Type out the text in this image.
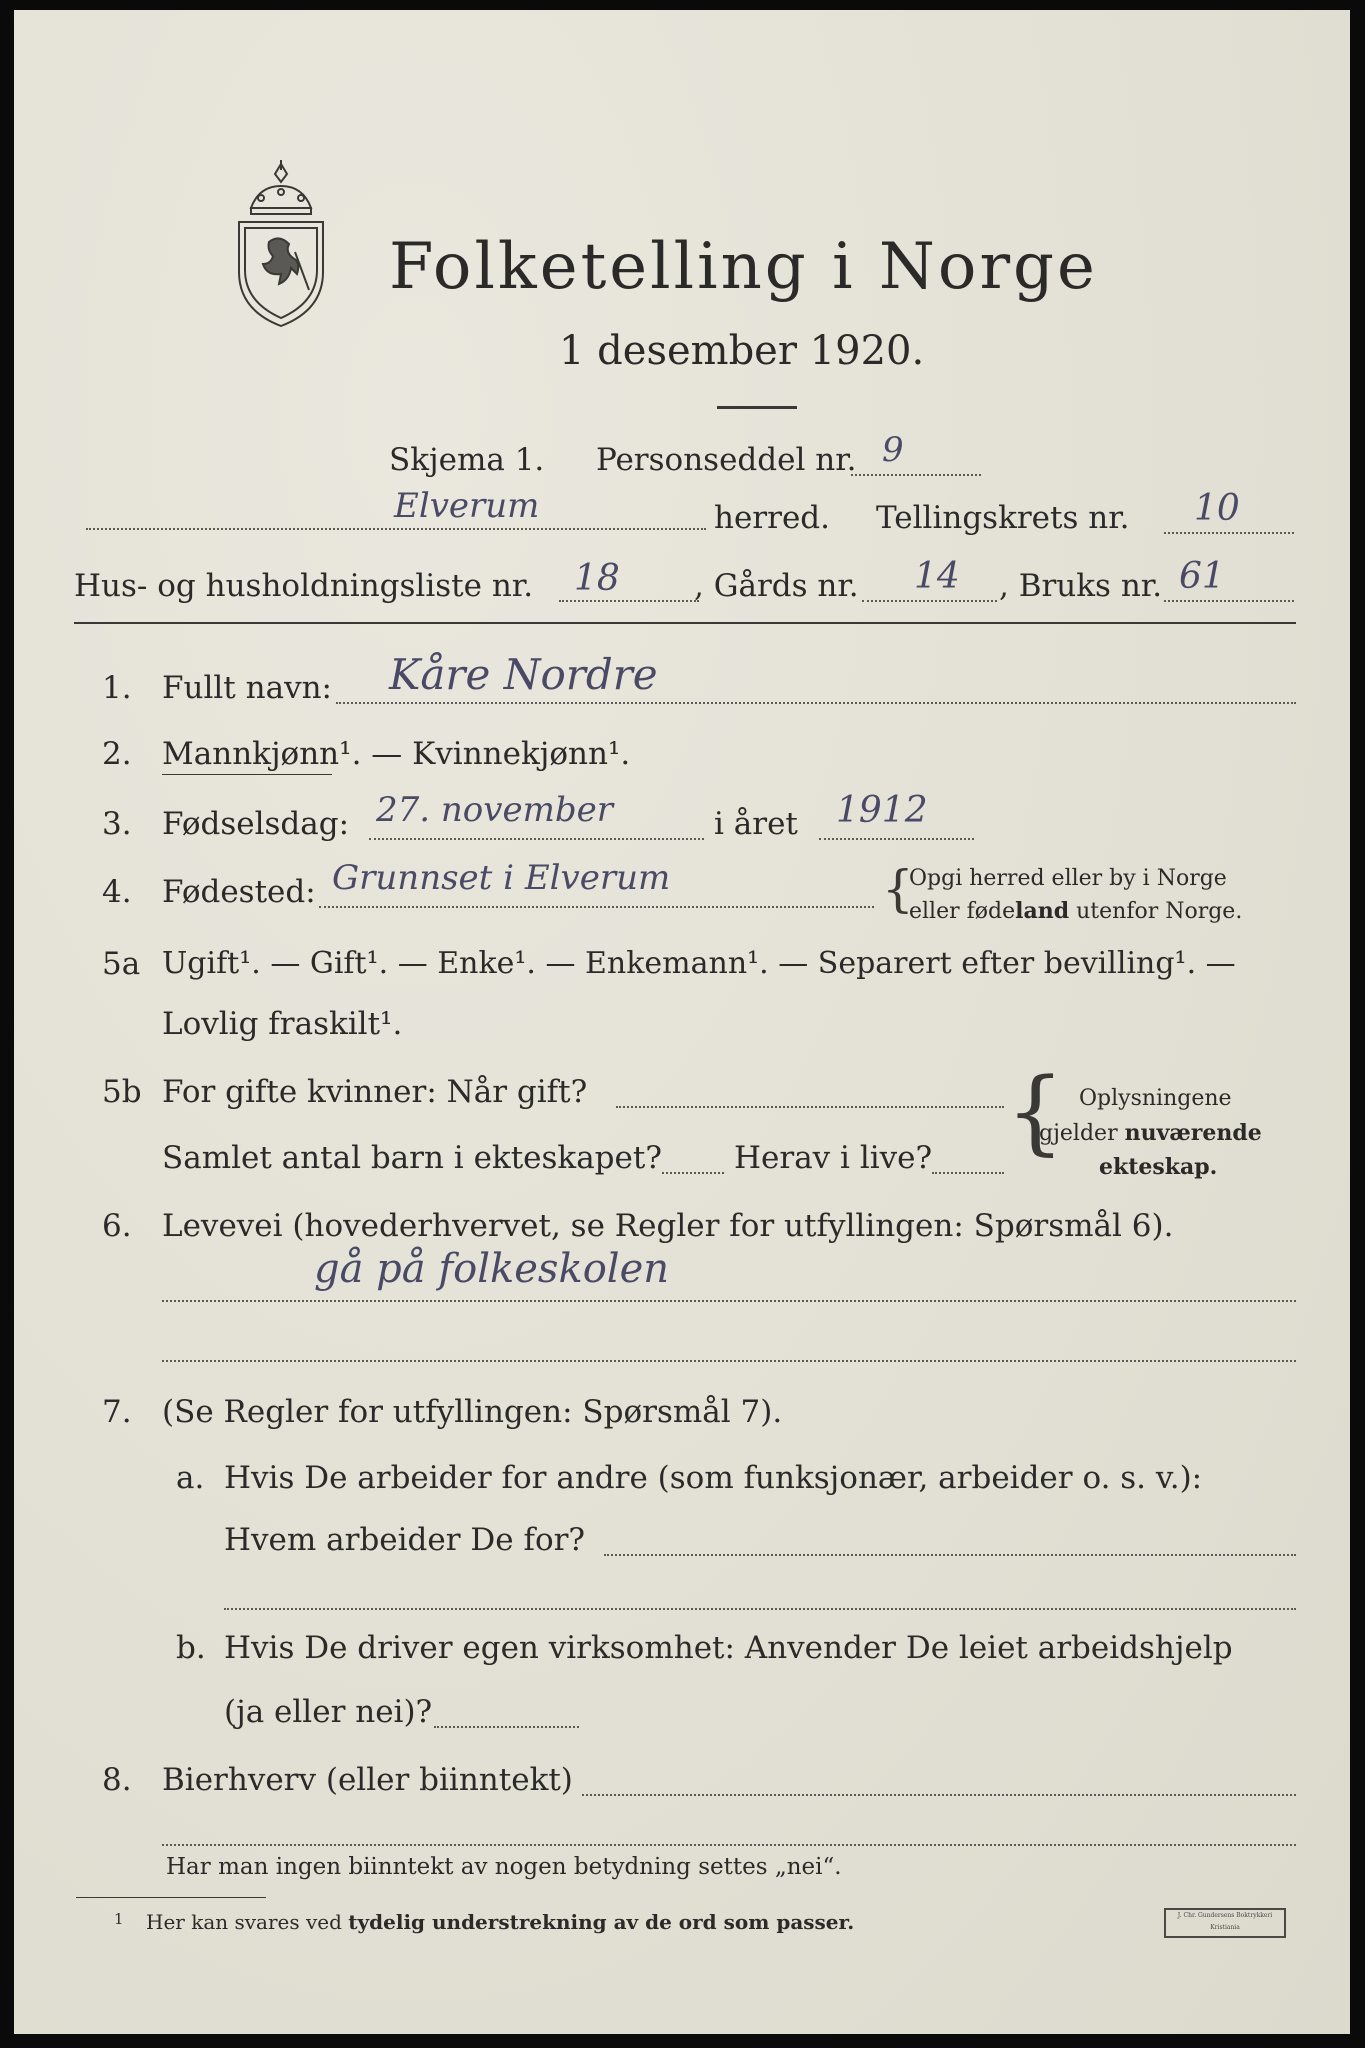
Folketelling i Norge
1 desember 1920.
Skjema 1. Personseddel nr. 9
Elverum	herred. Tellingskrets nr. 10
Hus- og husholdningsliste nr. 18 , Gårds nr. 14 , Bruks nr. 61
1. Fullt navn: Kåre Nordre
2. Mannkjønn¹. — Kvinnekjønn¹.
3. Fødselsdag: 27. november	i året 1912
4. Fødested: Grunnset i Elverum	{
Opgi herred eller by i Norge
eller fødeland utenfor Norge.
5a Ugift¹. — Gift¹. — Enke¹. — Enkemann¹. — Separert efter bevilling¹. —
Lovlig fraskilt¹.
5b For gifte kvinner: Når gift?
Samlet antal barn i ekteskapet? Herav i live? { Oplysningene
gjelder nuværende
ekteskap.
6. Levevei (hovederhvervet, se Regler for utfyllingen: Spørsmål 6).
gå på folkeskolen
7. (Se Regler for utfyllingen: Spørsmål 7).
a. Hvis De arbeider for andre (som funksjonær, arbeider o. s. v.):
Hvem arbeider De for?
b. Hvis De driver egen virksomhet: Anvender De leiet arbeidshjelp
(ja eller nei)?
8. Bierhverv (eller biinntekt)
Har man ingen biinntekt av nogen betydning settes „nei“.
1 Her kan svares ved tydelig understrekning av de ord som passer.	J. Chr. Gundersens Boktrykkeri Kristiania
